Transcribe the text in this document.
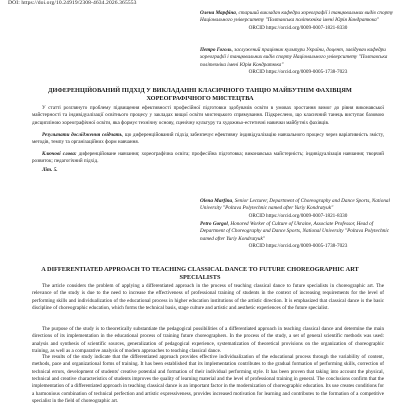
DOI: https://doi.org/10.24919/2308-4634.2026.365553
Олена Марфіна, старший викладач кафедри хореографії і танцювальних видів спорту Національного університету "Полтавська політехніка імені Юрія Кондратюка"
ORCID https://orcid.org/0009-0007-1821-8330
Петро Гоголь, заслужений працівник культури України, доцент, завідувач кафедри хореографії і танцювальних видів спорту Національного університету "Полтавська політехніка імені Юрія Кондратюка"
ORCID https://orcid.org/0009-0005-1738-7023
ДИФЕРЕНЦІЙОВАНИЙ ПІДХІД У ВИКЛАДАННІ КЛАСИЧНОГО ТАНЦЮ МАЙБУТНІМ ФАХІВЦЯМ ХОРЕОГРАФІЧНОГО МИСТЕЦТВА
У статті розглянуто проблему підвищення ефективності професійної підготовки здобувачів освіти в умовах зростання вимог до рівня виконавської майстерності та індивідуалізації освітнього процесу у закладах вищої освіти мистецького спрямування. Підкреслено, що класичний танець виступає базовою дисципліною хореографічної освіти, яка формує технічну основу, сценічну культуру та художньо-естетичні навички майбутніх фахівців.
Результати дослідження свідчать, що диференційований підхід забезпечує ефективну індивідуалізацію навчального процесу через варіативність змісту, методів, темпу та організаційних форм навчання.
Ключові слова: диференційоване навчання; хореографічна освіта; професійна підготовка; виконавська майстерність; індивідуалізація навчання; творчий розвиток; педагогічний підхід.
Літ. 5.
Olena Marfina, Senior Lecturer, Department of Choreography and Dance Sports, National University "Poltava Polytechnic named after Yuriy Kondratyuk"
ORCID https://orcid.org/0009-0007-1821-8330
Petro Gorgol, Honored Worker of Culture of Ukraine, Associate Professor, Head of Department of Choreography and Dance Sports, National University "Poltava Polytechnic named after Yuriy Kondratyuk"
ORCID https://orcid.org/0009-0005-1738-7023
A DIFFERENTIATED APPROACH TO TEACHING CLASSICAL DANCE TO FUTURE CHOREOGRAPHIC ART SPECIALISTS
The article considers the problem of applying a differentiated approach in the process of teaching classical dance to future specialists in choreographic art. The relevance of the study is due to the need to increase the effectiveness of professional training of students in the context of increasing requirements for the level of performing skills and individualization of the educational process in higher education institutions of the artistic direction. It is emphasized that classical dance is the basic discipline of choreographic education, which forms the technical basis, stage culture and artistic and aesthetic experiences of the future specialist.
The purpose of the study is to theoretically substantiate the pedagogical possibilities of a differentiated approach in teaching classical dance and determine the main directions of its implementation in the educational process of training future choreographers. In the process of the study, a set of general scientific methods was used: analysis and synthesis of scientific sources, generalization of pedagogical experience, systematization of theoretical provisions on the organization of choreographic training, as well as a comparative analysis of modern approaches to teaching classical dance.
The results of the study indicate that the differentiated approach provides effective individualization of the educational process through the variability of content, methods, pace and organizational forms of training. It has been established that its implementation contributes to the gradual formation of performing skills, correction of technical errors, development of students' creative potential and formation of their individual performing style. It has been proven that taking into account the physical, technical and creative characteristics of students improves the quality of learning material and the level of professional training in general. The conclusions confirm that the implementation of a differentiated approach in teaching classical dance is an important factor in the modernization of choreographic education. Its use creates conditions for a harmonious combination of technical perfection and artistic expressiveness, provides increased motivation for learning and contributes to the formation of a competitive specialist in the field of choreographic art.
